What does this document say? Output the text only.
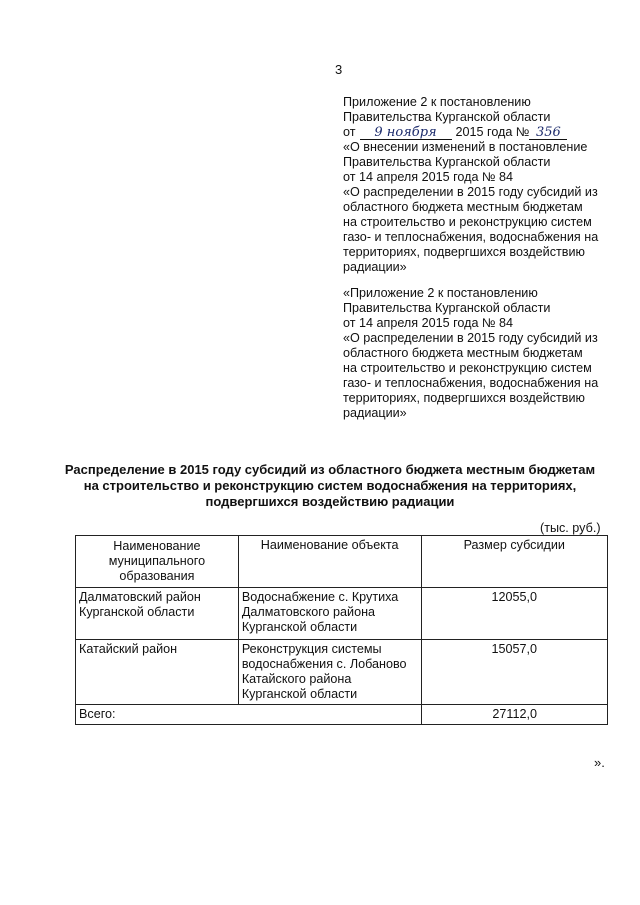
3
Приложение 2 к постановлению
Правительства Курганской области
от 9 ноября 2015 года № 356
«О внесении изменений в постановление
Правительства Курганской области
от 14 апреля 2015 года № 84
«О распределении в 2015 году субсидий из
областного бюджета местным бюджетам
на строительство и реконструкцию систем
газо- и теплоснабжения, водоснабжения на
территориях, подвергшихся воздействию
радиации»
«Приложение 2 к постановлению
Правительства Курганской области
от 14 апреля 2015 года № 84
«О распределении в 2015 году субсидий из
областного бюджета местным бюджетам
на строительство и реконструкцию систем
газо- и теплоснабжения, водоснабжения на
территориях, подвергшихся воздействию
радиации»
Распределение в 2015 году субсидий из областного бюджета местным бюджетам
на строительство и реконструкцию систем водоснабжения на территориях,
подвергшихся воздействию радиации
(тыс. руб.)
Наименование муниципального образования	Наименование объекта	Размер субсидии
Далматовский район Курганской области	Водоснабжение с. Крутиха Далматовского района Курганской области	12055,0
Катайский район	Реконструкция системы водоснабжения с. Лобаново Катайского района Курганской области	15057,0
Всего:		27112,0
».
